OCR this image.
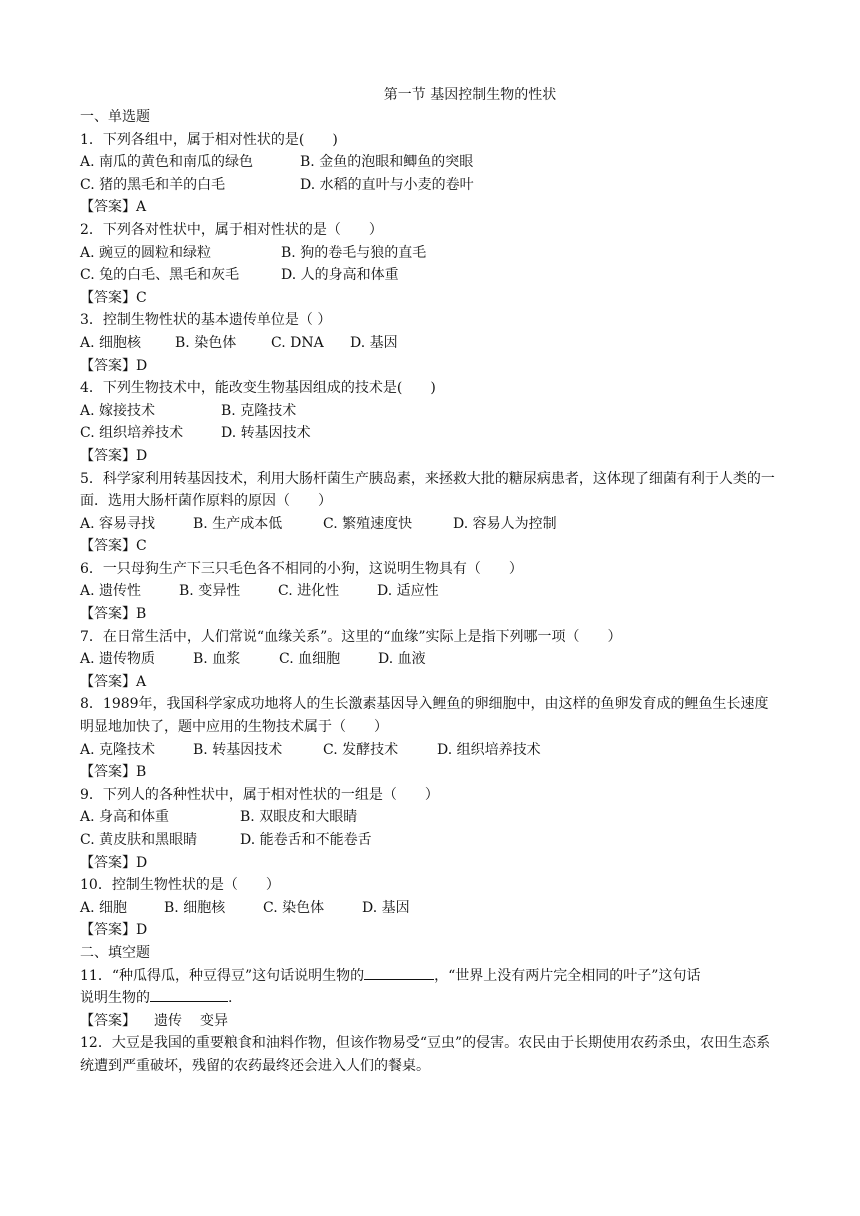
第一节 基因控制生物的性状
一、单选题
1．下列各组中，属于相对性状的是(　　)
A. 南瓜的黄色和南瓜的绿色	B. 金鱼的泡眼和鲫鱼的突眼
C. 猪的黑毛和羊的白毛	D. 水稻的直叶与小麦的卷叶
【答案】A
2．下列各对性状中，属于相对性状的是（　　）
A. 豌豆的圆粒和绿粒	B. 狗的卷毛与狼的直毛
C. 兔的白毛、黑毛和灰毛	D. 人的身高和体重
【答案】C
3．控制生物性状的基本遗传单位是（ ）
A. 细胞核	B. 染色体	C. DNA	D. 基因
【答案】D
4．下列生物技术中，能改变生物基因组成的技术是(　　)
A. 嫁接技术	B. 克隆技术
C. 组织培养技术	D. 转基因技术
【答案】D
5．科学家利用转基因技术，利用大肠杆菌生产胰岛素，来拯救大批的糖尿病患者，这体现了细菌有利于人类的一面．选用大肠杆菌作原料的原因（　　）
A. 容易寻找	B. 生产成本低	C. 繁殖速度快	D. 容易人为控制
【答案】C
6．一只母狗生产下三只毛色各不相同的小狗，这说明生物具有（　　）
A. 遗传性	B. 变异性	C. 进化性	D. 适应性
【答案】B
7．在日常生活中，人们常说“血缘关系”。这里的“血缘”实际上是指下列哪一项（　　）
A. 遗传物质	B. 血浆	C. 血细胞	D. 血液
【答案】A
8．1989年，我国科学家成功地将人的生长激素基因导入鲤鱼的卵细胞中，由这样的鱼卵发育成的鲤鱼生长速度明显地加快了，题中应用的生物技术属于（　　）
A. 克隆技术	B. 转基因技术	C. 发酵技术	D. 组织培养技术
【答案】B
9．下列人的各种性状中，属于相对性状的一组是（　　）
A. 身高和体重	B. 双眼皮和大眼睛
C. 黄皮肤和黑眼睛	D. 能卷舌和不能卷舌
【答案】D
10．控制生物性状的是（　　）
A. 细胞	B. 细胞核	C. 染色体	D. 基因
【答案】D
二、填空题
11．“种瓜得瓜，种豆得豆”这句话说明生物的	，“世界上没有两片完全相同的叶子”这句话
说明生物的	.
【答案】 遗传 变异
12．大豆是我国的重要粮食和油料作物，但该作物易受“豆虫”的侵害。农民由于长期使用农药杀虫，农田生态系统遭到严重破坏，残留的农药最终还会进入人们的餐桌。
